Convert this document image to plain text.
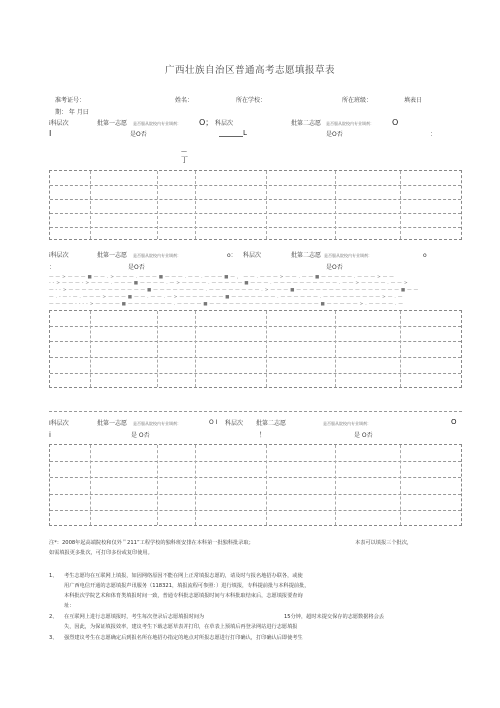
广西壮族自治区普通高考志愿填报草表
准考证号：	姓名：	所在学校：	所在班级：	填表日
期： 年 月曰
i科层次	批第一志愿 是否服从院校内专业调剂： O； 科层次	批第二志愿 是否服从院校内专业调剂： O
I	是O否	L	是O否	：
—
丁
i科层次	批第一志愿 是否服从院校内专业调剂：	o： 科层次	批第二志愿 是否服从院校内专业调剂：	o
：	是O否	是O否
— — > — — — ■ — — . > — — — . — — — ■ — — — . — — . — — — ■ — ， — — . — — — > — — . — — ■ — — — — — . — — — > — —
- - > — — — - > — — — . — — — ■ — — — — . — > — — — — . — — — — — ■ — — — . — — — — — — — — — — . — — > — — — — . — — >
— - - > — — — — — — — — — — — — ■ — — — — — — — — . — — — — — — — — . > — — — ■ — — — — — — — — — — — — — — — — ■ — —
— . - — - — . — — — > — — — ■ — — . — — . — > — — — — — — — ■ — — — — — — — . — — — — — — . — — — — — — — — — > — . —
— — — — - - - - > — — — — ■ — — — — — — — . — — — — ■ — — — — — — — — — — — — — — — — — ■ — — — — — > . — — — — . —
I科层次	批第一志愿 是否服从院校内专业调剂：	O I 科层次 批第二志愿	是否服从院校内专业调剂：	O
i	是 O否	！	是 O否
注*：2008年起高端院校和仅外＂211”工程学校的独科班安排在本科第一批独科批录取；	本表可以填报三个批次，
如需填报更多批次，可打印多份或复印使用。
1、 考生志愿均在互联网上填报，如因网络原因不能在网上正常填报志愿的，请及时与报名地招办联各，或使
用广西电信开通的志愿填报声讯服务（118321，填报流程可参照：）进行填报，专科提前批与本科提前批，
本科批次学院艺术和体育类填报时间一致，普通专科批志愿填报时间与本科批取结束后，志愿填报要查询
址：
2、 在互联网上进行志愿填报时，考生每次登录后志愿填报时间为	15分钟，超时未提交保存的志愿数据将会丢
失，因此，为保证填报效率，建议考生下载志愿草表并打印，在草表上预填后再登录网站进行志愿填报
3、 强烈建议考生在志愿确定后到报名所在地招办指定的地点对所报志愿进行打印确认，打印确认后即使考生
